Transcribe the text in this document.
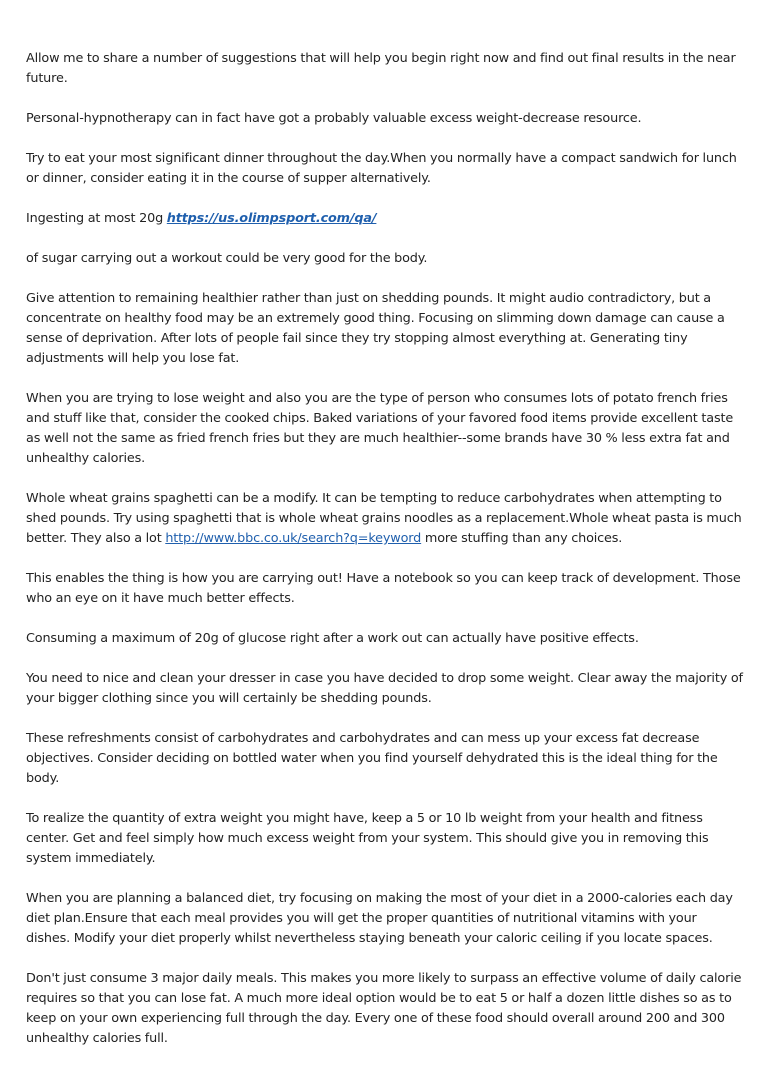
Allow me to share a number of suggestions that will help you begin right now and find out final results in the near future.

Personal-hypnotherapy can in fact have got a probably valuable excess weight-decrease resource.

Try to eat your most significant dinner throughout the day.When you normally have a compact sandwich for lunch or dinner, consider eating it in the course of supper alternatively.

Ingesting at most 20g https://us.olimpsport.com/qa/

of sugar carrying out a workout could be very good for the body.

Give attention to remaining healthier rather than just on shedding pounds. It might audio contradictory, but a concentrate on healthy food may be an extremely good thing. Focusing on slimming down damage can cause a sense of deprivation. After lots of people fail since they try stopping almost everything at. Generating tiny adjustments will help you lose fat.

When you are trying to lose weight and also you are the type of person who consumes lots of potato french fries and stuff like that, consider the cooked chips. Baked variations of your favored food items provide excellent taste as well not the same as fried french fries but they are much healthier--some brands have 30 % less extra fat and unhealthy calories.

Whole wheat grains spaghetti can be a modify. It can be tempting to reduce carbohydrates when attempting to shed pounds. Try using spaghetti that is whole wheat grains noodles as a replacement.Whole wheat pasta is much better. They also a lot http://www.bbc.co.uk/search?q=keyword more stuffing than any choices.

This enables the thing is how you are carrying out! Have a notebook so you can keep track of development. Those who an eye on it have much better effects.

Consuming a maximum of 20g of glucose right after a work out can actually have positive effects.

You need to nice and clean your dresser in case you have decided to drop some weight. Clear away the majority of your bigger clothing since you will certainly be shedding pounds.

These refreshments consist of carbohydrates and carbohydrates and can mess up your excess fat decrease objectives. Consider deciding on bottled water when you find yourself dehydrated this is the ideal thing for the body.

To realize the quantity of extra weight you might have, keep a 5 or 10 lb weight from your health and fitness center. Get and feel simply how much excess weight from your system. This should give you in removing this system immediately.

When you are planning a balanced diet, try focusing on making the most of your diet in a 2000-calories each day diet plan.Ensure that each meal provides you will get the proper quantities of nutritional vitamins with your dishes. Modify your diet properly whilst nevertheless staying beneath your caloric ceiling if you locate spaces.

Don't just consume 3 major daily meals. This makes you more likely to surpass an effective volume of daily calorie requires so that you can lose fat. A much more ideal option would be to eat 5 or half a dozen little dishes so as to keep on your own experiencing full through the day. Every one of these food should overall around 200 and 300 unhealthy calories full.
